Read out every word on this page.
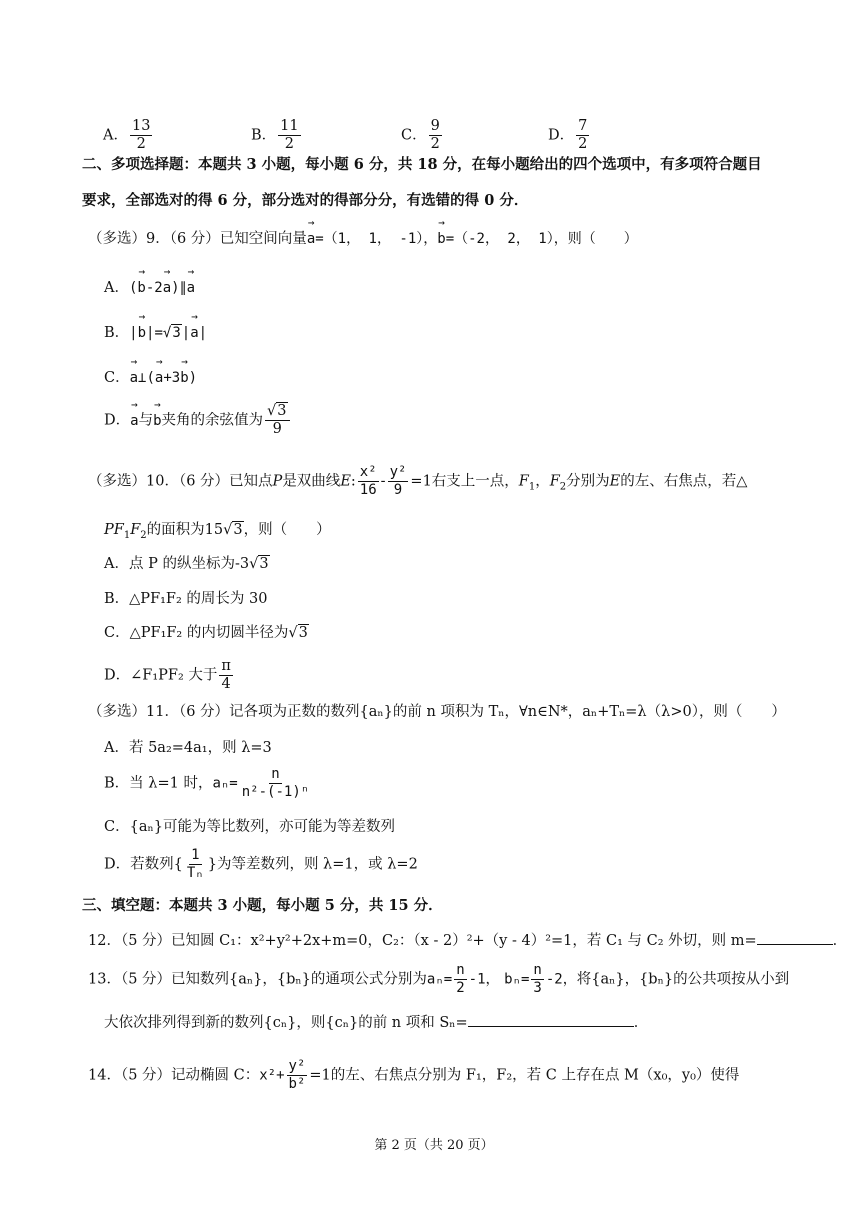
A． $\frac{13}{2}$	B． $\frac{11}{2}$	C． $\frac{9}{2}$	D． $\frac{7}{2}$
二、多项选择题：本题共 3 小题，每小题 6 分，共 18 分，在每小题给出的四个选项中，有多项符合题目
要求，全部选对的得 6 分，部分选对的得部分分，有选错的得 0 分．
（多选）9．（6 分）已知空间向量→ a=（1， 1， -1），→ b=（-2， 2， 1），则（　　）
A．(→ b-2→ a)∥→ a
B．|→ b|=√3|→ a|
C．→ a⊥(→ a+3→ b)
D．→ a与→ b夹角的余弦值为 $\frac{√3}{9}$
（多选）10．（6 分）已知点P是双曲线E: $\frac{\text{x²}}{16} - \frac{\text{y²}}{9} =1$右支上一点，$F_1$，$F_2$分别为E的左、右焦点，若△
$PF_1F_2$的面积为15√3，则（　　）
A．点 P 的纵坐标为-3√3
B．△PF₁F₂ 的周长为 30
C．△PF₁F₂ 的内切圆半径为√3
D．∠F₁PF₂ 大于 $\frac{\pi}{4}$
（多选）11．（6 分）记各项为正数的数列{aₙ}的前 n 项积为 Tₙ，∀n∈N*，aₙ+Tₙ=λ（λ>0），则（　　）
A．若 5a₂=4a₁，则 λ=3
B．当 λ=1 时，$a_n= \frac{n}{\text{n²-(-1)ⁿ}}$
C．{aₙ}可能为等比数列，亦可能为等差数列
D．若数列{ $\frac{1}{\text{Tₙ}}$ }为等差数列，则 λ=1，或 λ=2
三、填空题：本题共 3 小题，每小题 5 分，共 15 分．
12．（5 分）已知圆 C₁：x²+y²+2x+m=0，C₂：（x - 2）²+（y - 4）²=1，若 C₁ 与 C₂ 外切，则 m=	．
13．（5 分）已知数列{aₙ}，{bₙ}的通项公式分别为$a_n= \frac{n}{2} -1$， $b_n= \frac{n}{3} -2$，将{aₙ}，{bₙ}的公共项按从小到
大依次排列得到新的数列{cₙ}，则{cₙ}的前 n 项和 Sₙ=	．
14．（5 分）记动椭圆 C：$x^2+ \frac{\text{y²}}{\text{b²}} =1$的左、右焦点分别为 F₁，F₂，若 C 上存在点 M（x₀，y₀）使得
第 2 页（共 20 页）
